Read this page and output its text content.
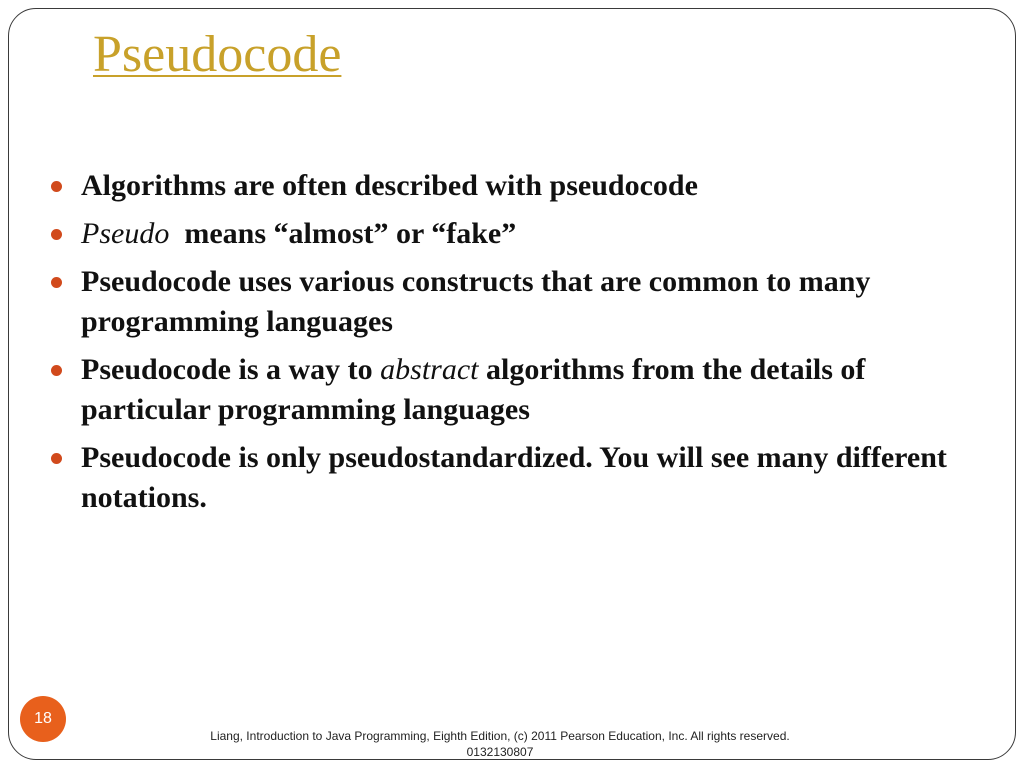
Pseudocode
Algorithms are often described with pseudocode
Pseudo means “almost” or “fake”
Pseudocode uses various constructs that are common to many programming languages
Pseudocode is a way to abstract algorithms from the details of particular programming languages
Pseudocode is only pseudostandardized. You will see many different notations.
18
Liang, Introduction to Java Programming, Eighth Edition, (c) 2011 Pearson Education, Inc. All rights reserved. 0132130807
